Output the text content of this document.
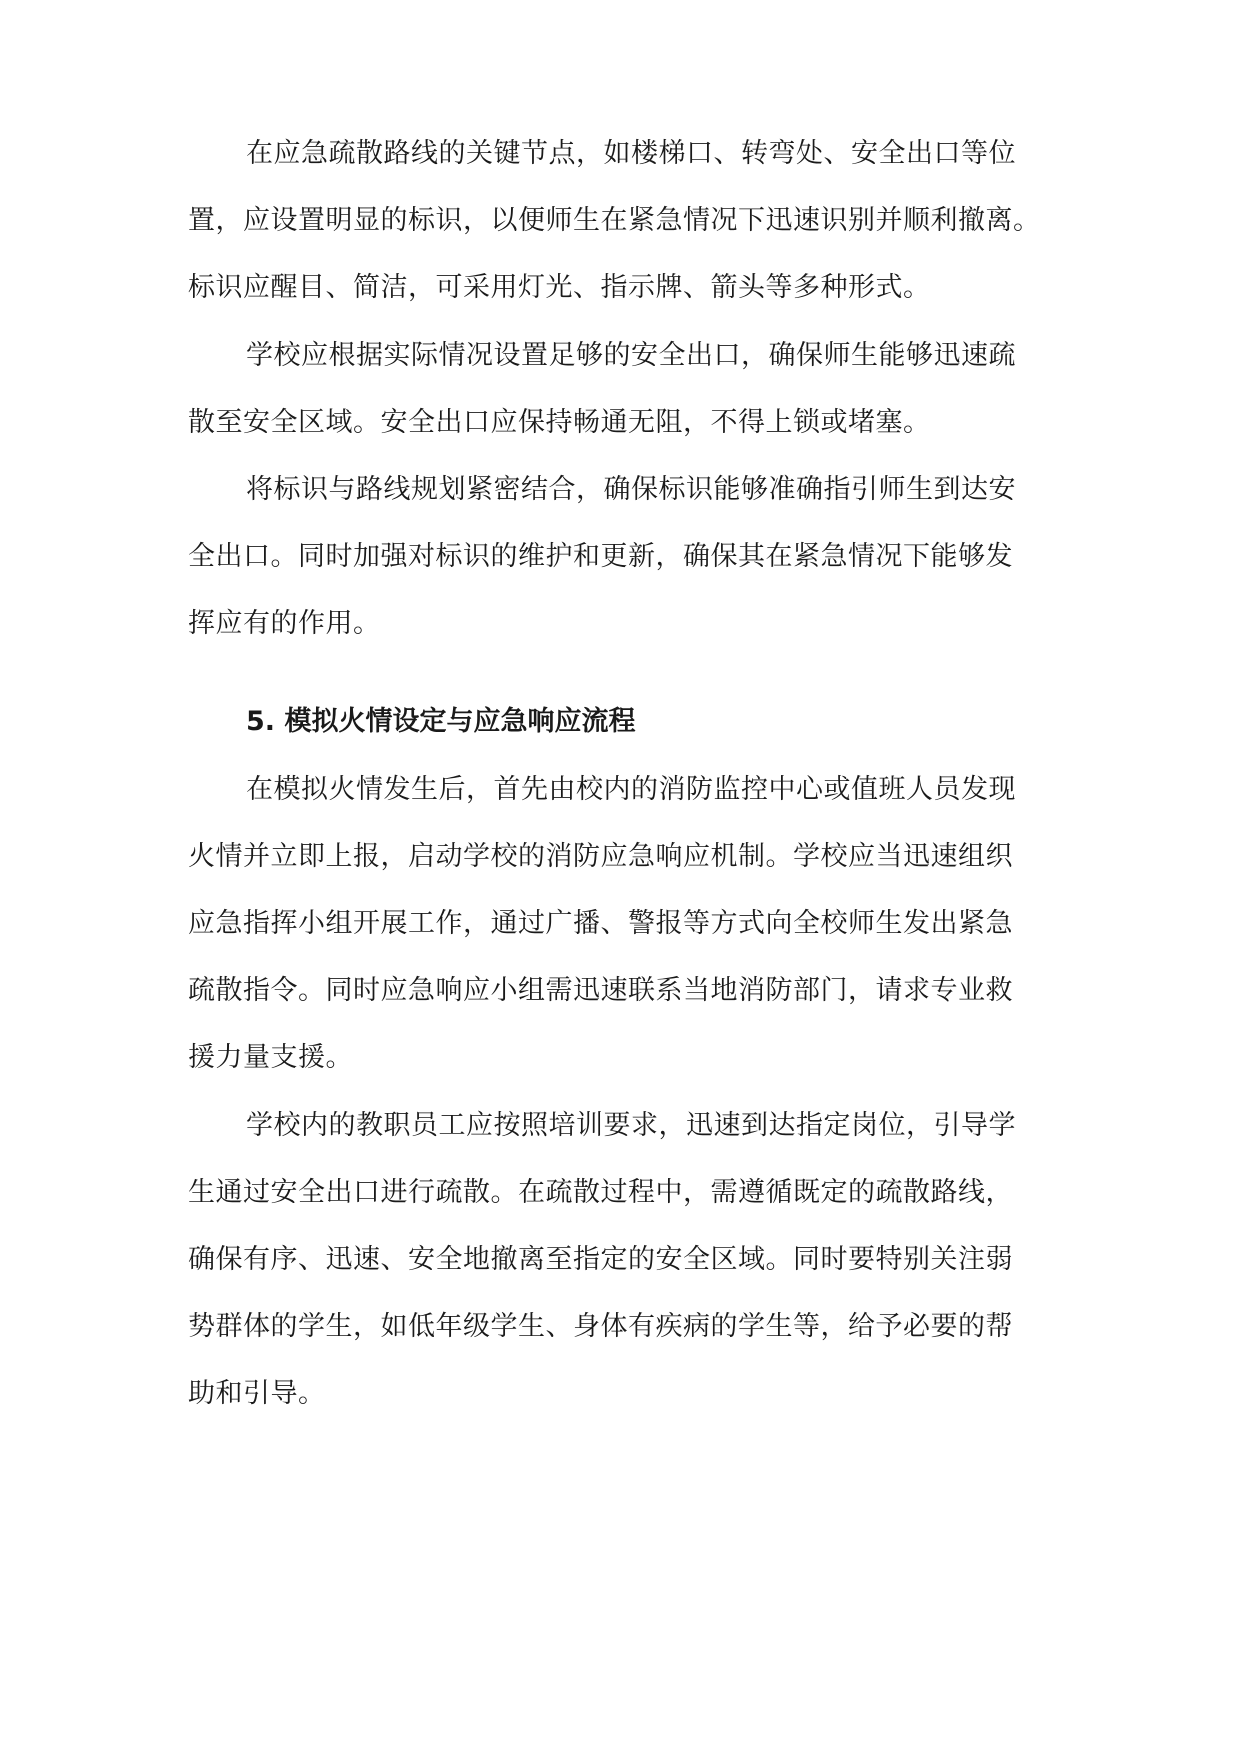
在应急疏散路线的关键节点，如楼梯口、转弯处、安全出口等位
置，应设置明显的标识，以便师生在紧急情况下迅速识别并顺利撤离。
标识应醒目、简洁，可采用灯光、指示牌、箭头等多种形式。
学校应根据实际情况设置足够的安全出口，确保师生能够迅速疏
散至安全区域。安全出口应保持畅通无阻，不得上锁或堵塞。
将标识与路线规划紧密结合，确保标识能够准确指引师生到达安
全出口。同时加强对标识的维护和更新，确保其在紧急情况下能够发
挥应有的作用。
5. 模拟火情设定与应急响应流程
在模拟火情发生后，首先由校内的消防监控中心或值班人员发现
火情并立即上报，启动学校的消防应急响应机制。学校应当迅速组织
应急指挥小组开展工作，通过广播、警报等方式向全校师生发出紧急
疏散指令。同时应急响应小组需迅速联系当地消防部门，请求专业救
援力量支援。
学校内的教职员工应按照培训要求，迅速到达指定岗位，引导学
生通过安全出口进行疏散。在疏散过程中，需遵循既定的疏散路线，
确保有序、迅速、安全地撤离至指定的安全区域。同时要特别关注弱
势群体的学生，如低年级学生、身体有疾病的学生等，给予必要的帮
助和引导。
